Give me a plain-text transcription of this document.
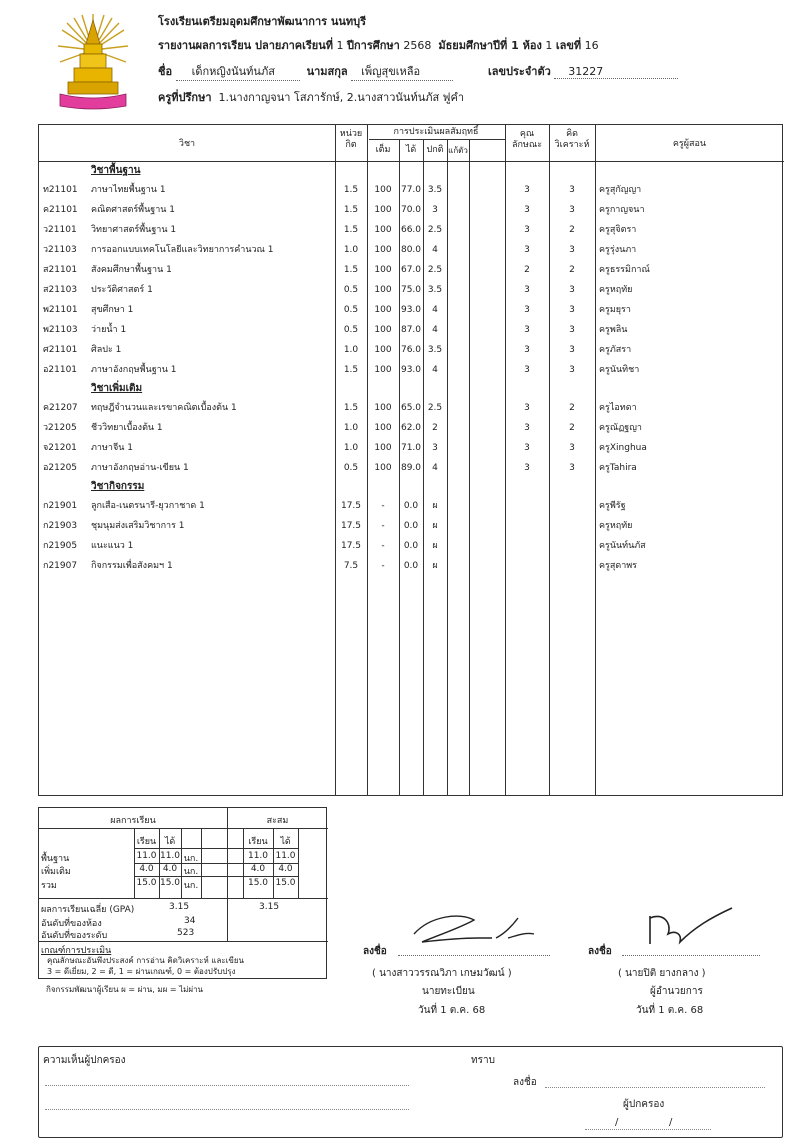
โรงเรียนเตรียมอุดมศึกษาพัฒนาการ นนทบุรี
รายงานผลการเรียน ปลายภาคเรียนที่ 1 ปีการศึกษา 2568 มัธยมศึกษาปีที่ 1 ห้อง 1 เลขที่ 16
ชื่อ เด็กหญิงนันท์นภัส	นามสกุล เพ็ญสุขเหลือ	เลขประจำตัว 31227
ครูที่ปรึกษา 1.นางกาญจนา โสภารักษ์, 2.นางสาวนันท์นภัส ฟูคำ
วิชา
หน่วย
กิต
การประเมินผลสัมฤทธิ์
เต็ม	ได้	ปกติ แก้ตัว
คุณ
ลักษณะ
คิด
วิเคราะห์	ครูผู้สอน
วิชาพื้นฐาน
ท21101	ภาษาไทยพื้นฐาน 1	1.5	100	77.0 3.5	3	3	ครูสุกัญญา
ค21101	คณิตศาสตร์พื้นฐาน 1	1.5	100	70.0	3	3	3	ครูกาญจนา
ว21101	วิทยาศาสตร์พื้นฐาน 1	1.5	100	66.0 2.5	3	2	ครูสุจิตรา
ว21103	การออกแบบเทคโนโลยีและวิทยาการคำนวณ 1	1.0	100	80.0	4	3	3	ครูรุ่งนภา
ส21101	สังคมศึกษาพื้นฐาน 1	1.5	100	67.0 2.5	2	2	ครูธรรมิกาณ์
ส21103	ประวัติศาสตร์ 1	0.5	100	75.0 3.5	3	3	ครูหฤทัย
พ21101	สุขศึกษา 1	0.5	100	93.0	4	3	3	ครูมยุรา
พ21103	ว่ายน้ำ 1	0.5	100	87.0	4	3	3	ครูพลิน
ศ21101	ศิลปะ 1	1.0	100	76.0 3.5	3	3	ครูภัสรา
อ21101	ภาษาอังกฤษพื้นฐาน 1	1.5	100	93.0	4	3	3	ครูนันทิชา
วิชาเพิ่มเติม
ค21207	ทฤษฎีจำนวนและเรขาคณิตเบื้องต้น 1	1.5	100	65.0 2.5	3	2	ครูไอทดา
ว21205	ชีววิทยาเบื้องต้น 1	1.0	100	62.0	2	3	2	ครูณัฏฐญา
จ21201	ภาษาจีน 1	1.0	100	71.0	3	3	3	ครูXinghua
อ21205	ภาษาอังกฤษอ่าน-เขียน 1	0.5	100	89.0	4	3	3	ครูTahira
วิชากิจกรรม
ก21901	ลูกเสือ-เนตรนารี-ยุวกาชาด 1	17.5	-	0.0	ผ	ครูพีรัฐ
ก21903	ชุมนุมส่งเสริมวิชาการ 1	17.5	-	0.0	ผ	ครูหฤทัย
ก21905	แนะแนว 1	17.5	-	0.0	ผ	ครูนันท์นภัส
ก21907	กิจกรรมเพื่อสังคมฯ 1	7.5	-	0.0	ผ	ครูสุดาพร
ผลการเรียน	สะสม
เรียน ได้	เรียน	ได้
พื้นฐาน	11.0 11.0 นก.	11.0 11.0
เพิ่มเติม	4.0	4.0 นก.	4.0	4.0
รวม	15.0 15.0 นก.	15.0 15.0
ผลการเรียนเฉลี่ย (GPA)	3.15	3.15
อันดับที่ของห้อง	34
อันดับที่ของระดับ	523
เกณฑ์การประเมิน
คุณลักษณะอันพึงประสงค์ การอ่าน คิดวิเคราะห์ และเขียน
3 = ดีเยี่ยม, 2 = ดี, 1 = ผ่านเกณฑ์, 0 = ต้องปรับปรุง
กิจกรรมพัฒนาผู้เรียน ผ = ผ่าน, มผ = ไม่ผ่าน
ลงชื่อ
( นางสาววรรณวิภา เกษมวัฒน์ )
นายทะเบียน
วันที่ 1 ต.ค. 68
ลงชื่อ
( นายปิติ ยางกลาง )
ผู้อำนวยการ
วันที่ 1 ต.ค. 68
ความเห็นผู้ปกครอง	ทราบ
ลงชื่อ
ผู้ปกครอง
/	/
